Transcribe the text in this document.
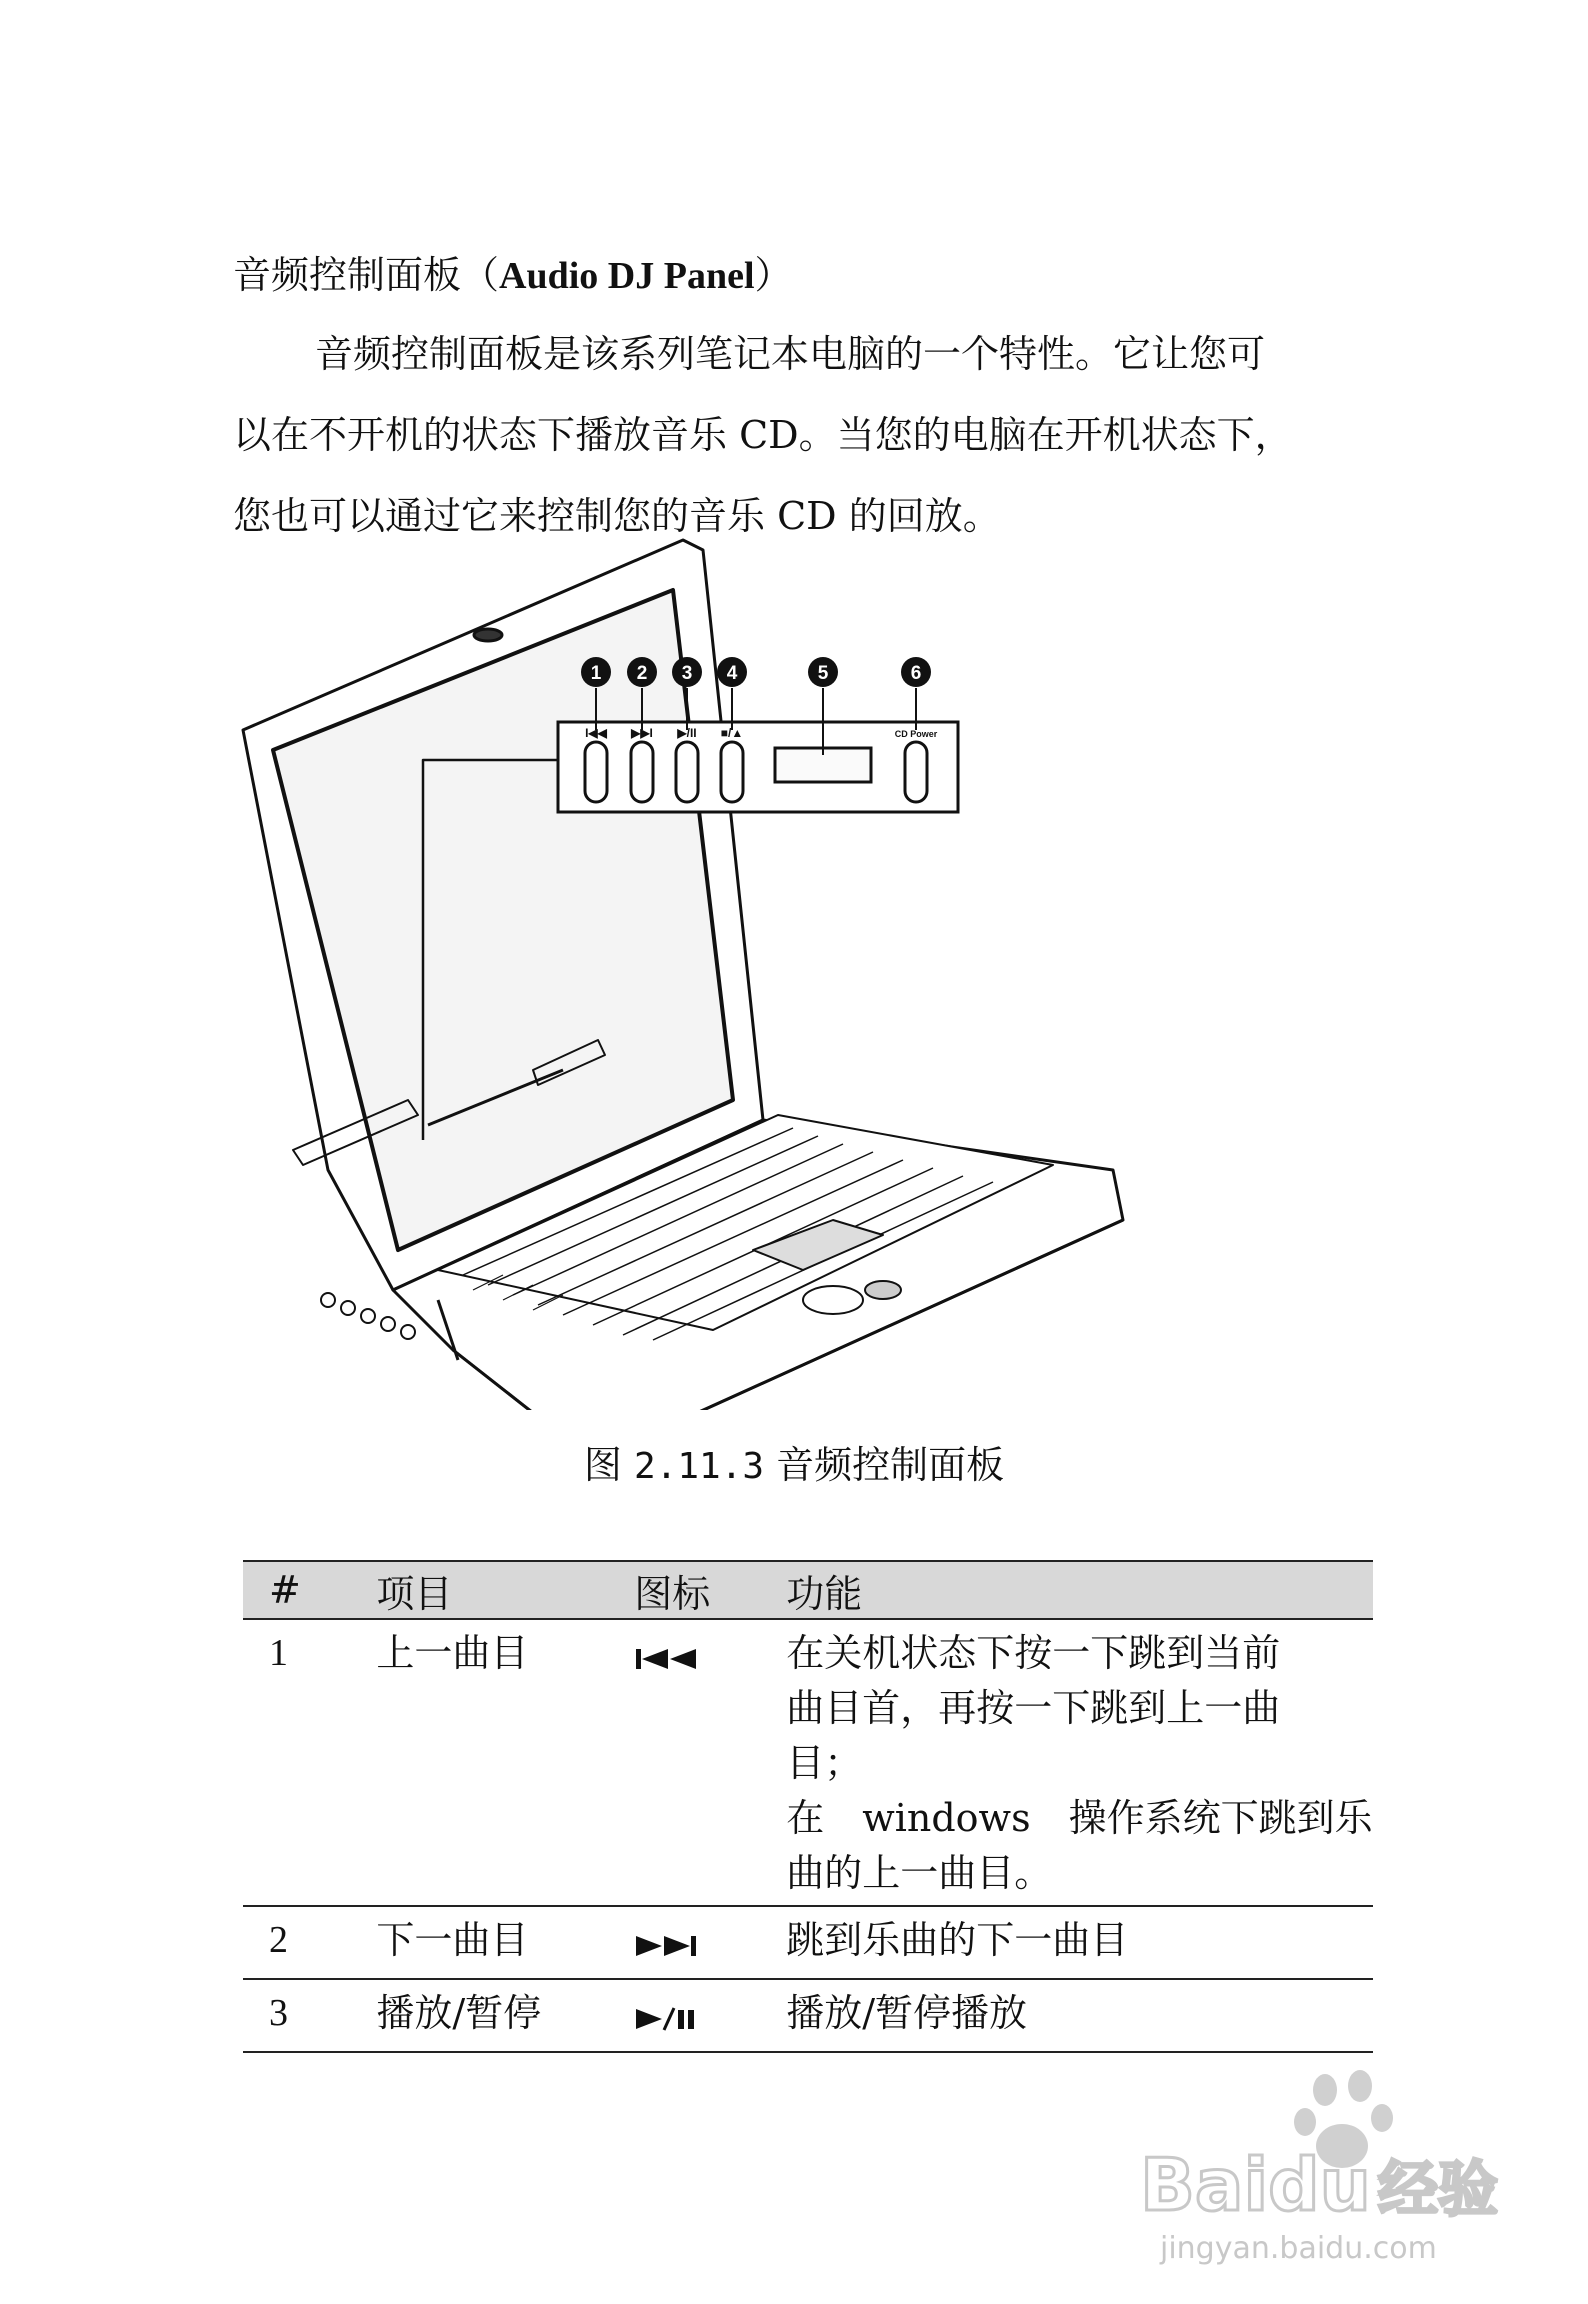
音频控制面板（Audio DJ Panel）
音频控制面板是该系列笔记本电脑的一个特性。它让您可
以在不开机的状态下播放音乐 CD。当您的电脑在开机状态下，
您也可以通过它来控制您的音乐 CD 的回放。
1 2 3 4	5	6
I◀◀ ▶▶I ▶/II ■/▲	CD Power
图 2.11.3 音频控制面板
#	项目	图标	功能
1	上一曲目		在关机状态下按一下跳到当前
曲目首，再按一下跳到上一曲
目；
在　windows　操作系统下跳到乐
曲的上一曲目。

2	下一曲目		跳到乐曲的下一曲目

3	播放/暂停		播放/暂停播放
Baidu 经验
jingyan.baidu.com
